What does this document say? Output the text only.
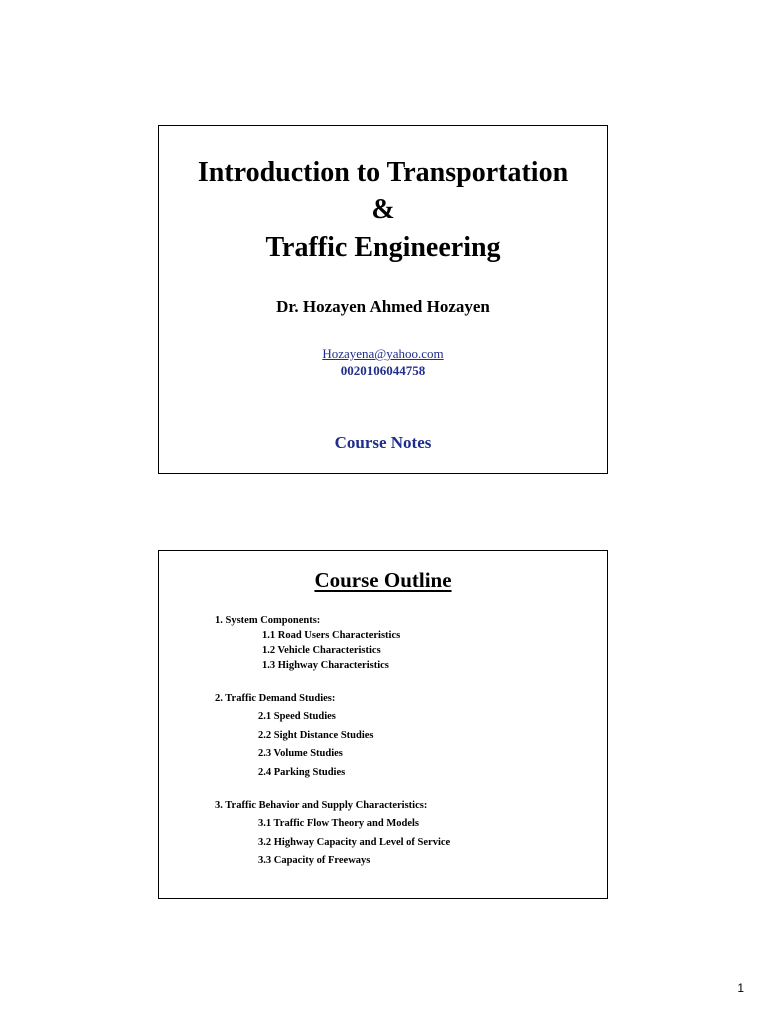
Introduction to Transportation
&
Traffic Engineering
Dr. Hozayen Ahmed Hozayen
Hozayena@yahoo.com
0020106044758
Course Notes
Course Outline
1. System Components:
1.1 Road Users Characteristics
1.2 Vehicle Characteristics
1.3 Highway Characteristics
2. Traffic Demand Studies:
2.1 Speed Studies
2.2 Sight Distance Studies
2.3 Volume Studies
2.4 Parking Studies
3. Traffic Behavior and Supply Characteristics:
3.1 Traffic Flow Theory and Models
3.2 Highway Capacity and Level of Service
3.3 Capacity of Freeways
1
